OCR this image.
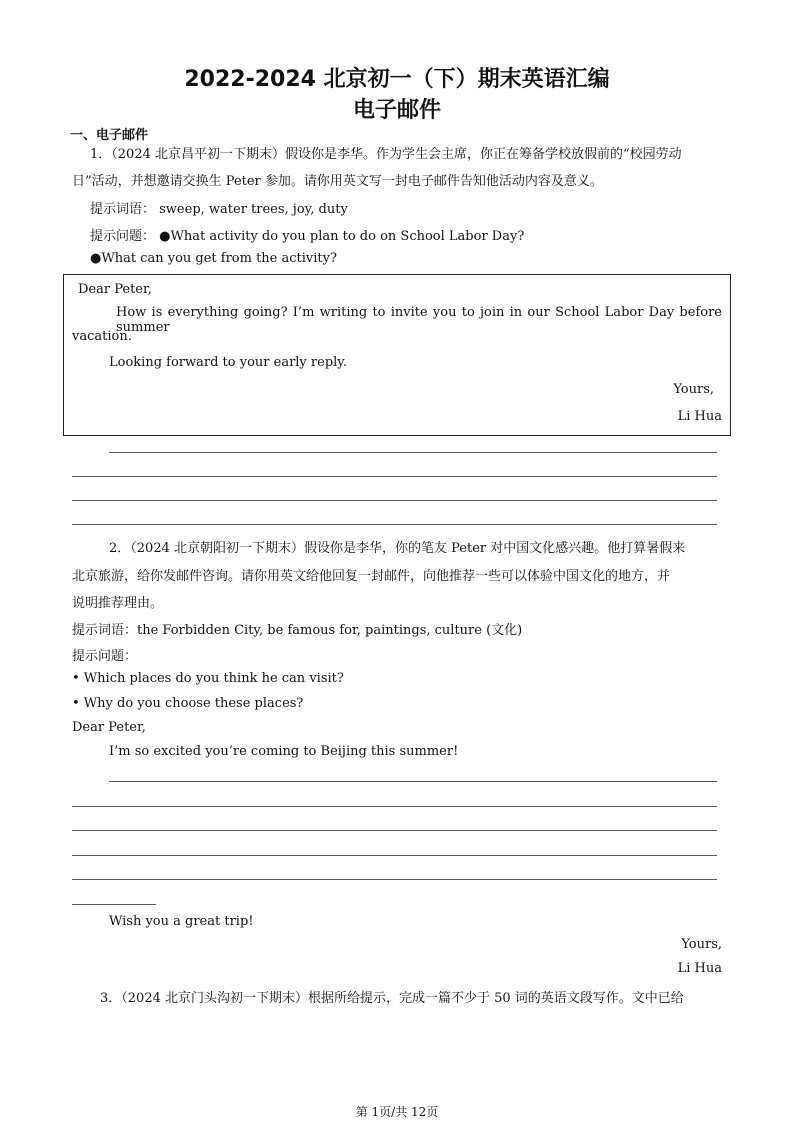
2022-2024 北京初一（下）期末英语汇编
电子邮件
一、电子邮件
1．（2024 北京昌平初一下期末）假设你是李华。作为学生会主席，你正在筹备学校放假前的“校园劳动
日”活动，并想邀请交换生 Peter 参加。请你用英文写一封电子邮件告知他活动内容及意义。
提示词语： sweep, water trees, joy, duty
提示问题： ●What activity do you plan to do on School Labor Day?
●What can you get from the activity?
Dear Peter,
How is everything going? I’m writing to invite you to join in our School Labor Day before summer
vacation.
Looking forward to your early reply.
Yours,
Li Hua
2．（2024 北京朝阳初一下期末）假设你是李华，你的笔友 Peter 对中国文化感兴趣。他打算暑假来
北京旅游，给你发邮件咨询。请你用英文给他回复一封邮件，向他推荐一些可以体验中国文化的地方，并
说明推荐理由。
提示词语：the Forbidden City, be famous for, paintings, culture (文化)
提示问题：
• Which places do you think he can visit?
• Why do you choose these places?
Dear Peter,
I’m so excited you’re coming to Beijing this summer!
Wish you a great trip!
Yours,
Li Hua
3．（2024 北京门头沟初一下期末）根据所给提示，完成一篇不少于 50 词的英语文段写作。文中已给
第 1页/共 12页
